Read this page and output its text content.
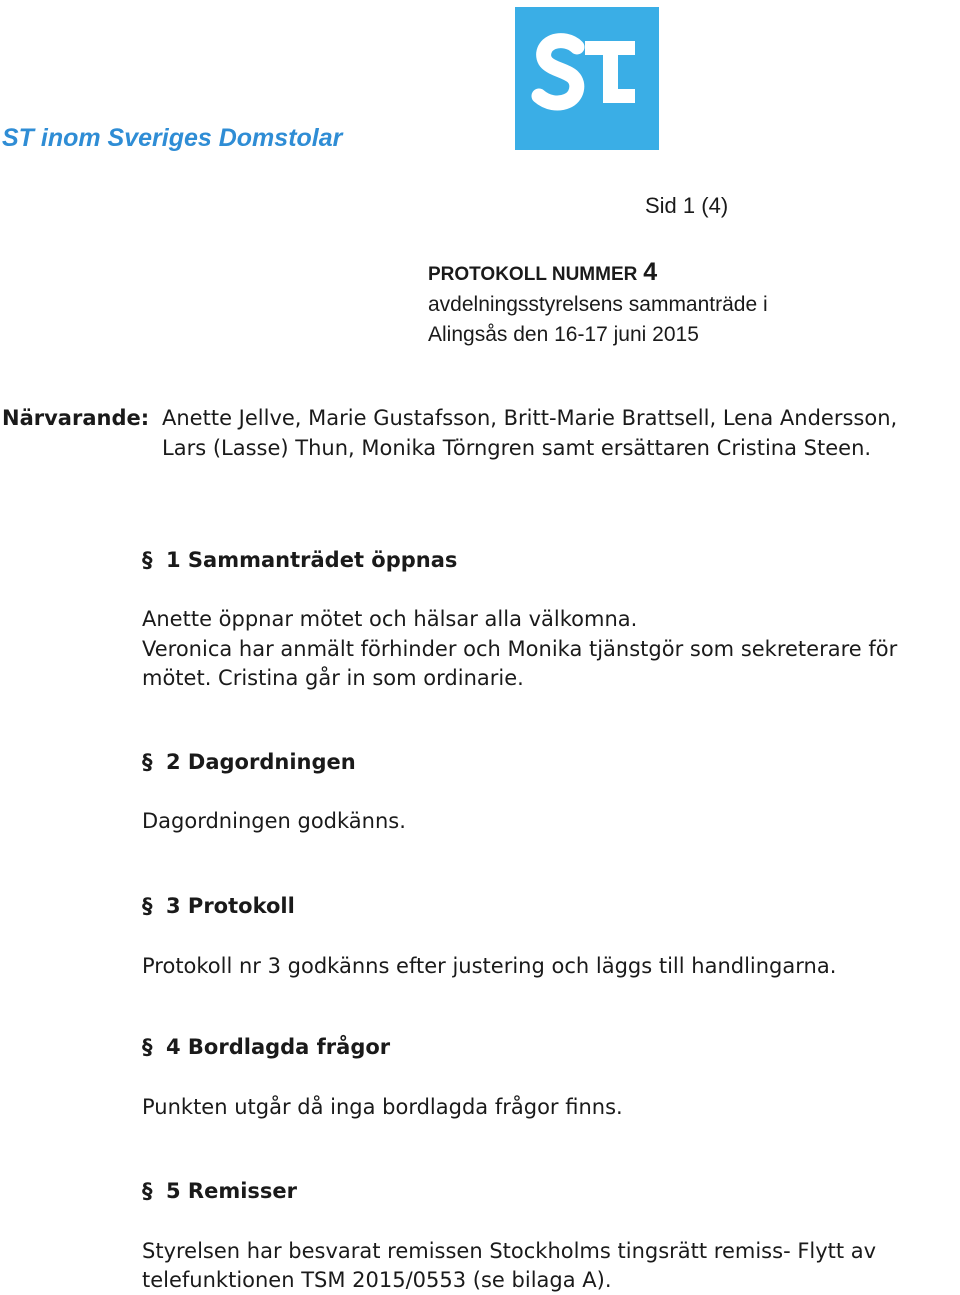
ST inom Sveriges Domstolar
Sid 1 (4)
PROTOKOLL NUMMER 4
avdelningsstyrelsens sammanträde i
Alingsås den 16-17 juni 2015
Närvarande: Anette Jellve, Marie Gustafsson, Britt-Marie Brattsell, Lena Andersson, Lars (Lasse) Thun, Monika Törngren samt ersättaren Cristina Steen.
§ 1 Sammanträdet öppnas
Anette öppnar mötet och hälsar alla välkomna.
Veronica har anmält förhinder och Monika tjänstgör som sekreterare för mötet. Cristina går in som ordinarie.
§ 2 Dagordningen
Dagordningen godkänns.
§ 3 Protokoll
Protokoll nr 3 godkänns efter justering och läggs till handlingarna.
§ 4 Bordlagda frågor
Punkten utgår då inga bordlagda frågor finns.
§ 5 Remisser
Styrelsen har besvarat remissen Stockholms tingsrätt remiss- Flytt av telefunktionen TSM 2015/0553 (se bilaga A).
